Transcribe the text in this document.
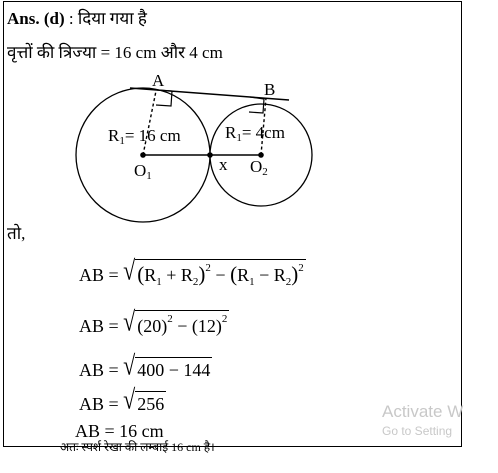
Ans. (d) : दिया गया है
वृत्तों की त्रिज्या = 16 cm और 4 cm
A	B
R1= 16 cm	R1= 4cm
O1
x O2
तो,
AB = $√(R_1 + R_2)^2 - (R_1 - R_2)^2$
AB = √ $(20)^2 - (12)^2$
AB = √ 400 − 144
AB = √ 256
AB = 16 cm
Activate W
Go to Setting
अतः स्पर्श रेखा की लम्बाई 16 cm है।
